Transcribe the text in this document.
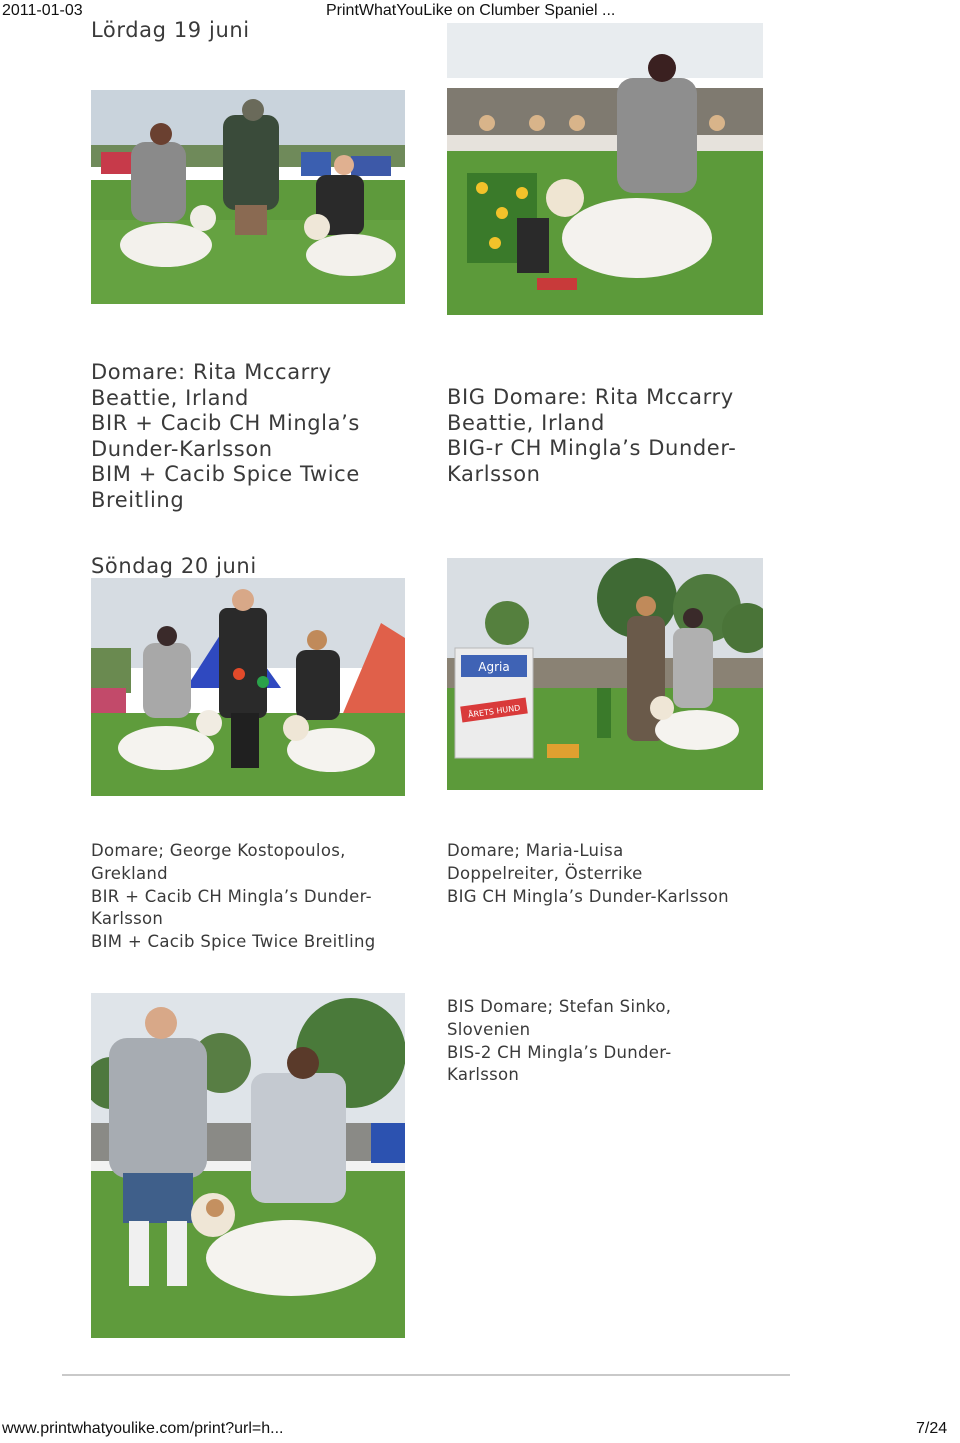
2011-01-03	PrintWhatYouLike on Clumber Spaniel ...
Lördag 19 juni
Domare: Rita Mccarry
Beattie, Irland
BIR + Cacib CH Mingla’s
Dunder-Karlsson
BIM + Cacib Spice Twice
Breitling
BIG Domare: Rita Mccarry
Beattie, Irland
BIG-r CH Mingla’s Dunder-
Karlsson
Söndag 20 juni
Agria
ÅRETS HUND
Domare; George Kostopoulos,
Grekland
BIR + Cacib CH Mingla’s Dunder-
Karlsson
BIM + Cacib Spice Twice Breitling
Domare; Maria-Luisa
Doppelreiter, Österrike
BIG CH Mingla’s Dunder-Karlsson
BIS Domare; Stefan Sinko,
Slovenien
BIS-2 CH Mingla’s Dunder-
Karlsson
www.printwhatyoulike.com/print?url=h...	7/24
